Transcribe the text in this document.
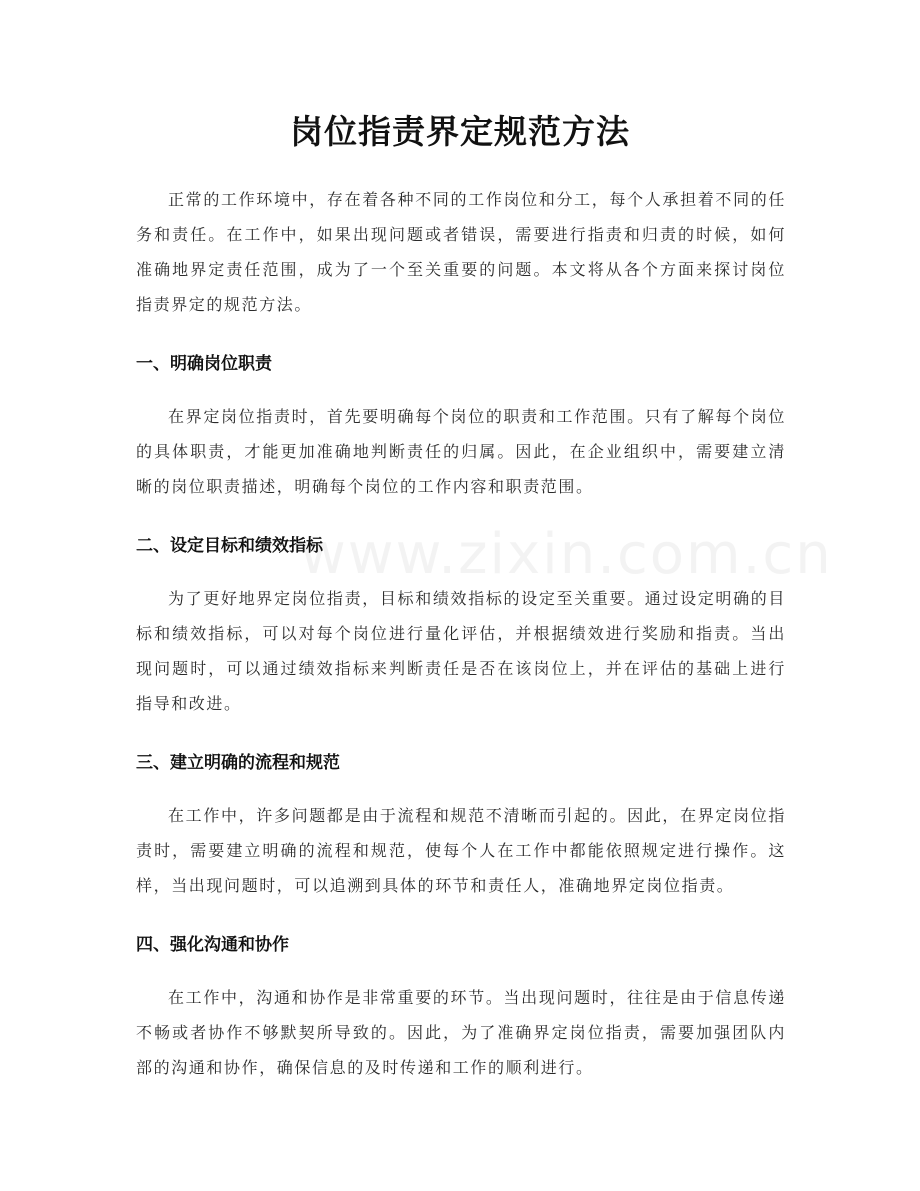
www.zixin.com.cn
岗位指责界定规范方法

正常的工作环境中，存在着各种不同的工作岗位和分工，每个人承担着不同的任务和责任。在工作中，如果出现问题或者错误，需要进行指责和归责的时候，如何准确地界定责任范围，成为了一个至关重要的问题。本文将从各个方面来探讨岗位指责界定的规范方法。

一、明确岗位职责

在界定岗位指责时，首先要明确每个岗位的职责和工作范围。只有了解每个岗位的具体职责，才能更加准确地判断责任的归属。因此，在企业组织中，需要建立清晰的岗位职责描述，明确每个岗位的工作内容和职责范围。

二、设定目标和绩效指标

为了更好地界定岗位指责，目标和绩效指标的设定至关重要。通过设定明确的目标和绩效指标，可以对每个岗位进行量化评估，并根据绩效进行奖励和指责。当出现问题时，可以通过绩效指标来判断责任是否在该岗位上，并在评估的基础上进行指导和改进。

三、建立明确的流程和规范

在工作中，许多问题都是由于流程和规范不清晰而引起的。因此，在界定岗位指责时，需要建立明确的流程和规范，使每个人在工作中都能依照规定进行操作。这样，当出现问题时，可以追溯到具体的环节和责任人，准确地界定岗位指责。

四、强化沟通和协作

在工作中，沟通和协作是非常重要的环节。当出现问题时，往往是由于信息传递不畅或者协作不够默契所导致的。因此，为了准确界定岗位指责，需要加强团队内部的沟通和协作，确保信息的及时传递和工作的顺利进行。
